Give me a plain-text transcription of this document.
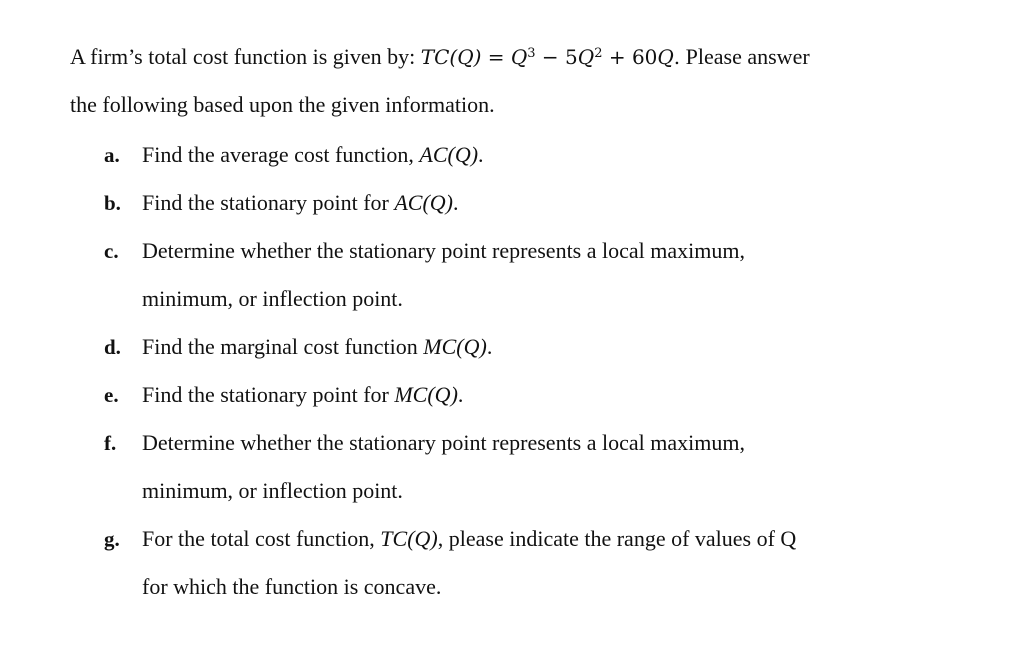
A firm’s total cost function is given by: $TC(Q) = Q^3 - 5Q^2 + 60Q$. Please answer
the following based upon the given information.
a. Find the average cost function, AC(Q).
b. Find the stationary point for AC(Q).
c. Determine whether the stationary point represents a local maximum,
minimum, or inflection point.
d. Find the marginal cost function MC(Q).
e. Find the stationary point for MC(Q).
f. Determine whether the stationary point represents a local maximum,
minimum, or inflection point.
g. For the total cost function, TC(Q), please indicate the range of values of Q
for which the function is concave.
